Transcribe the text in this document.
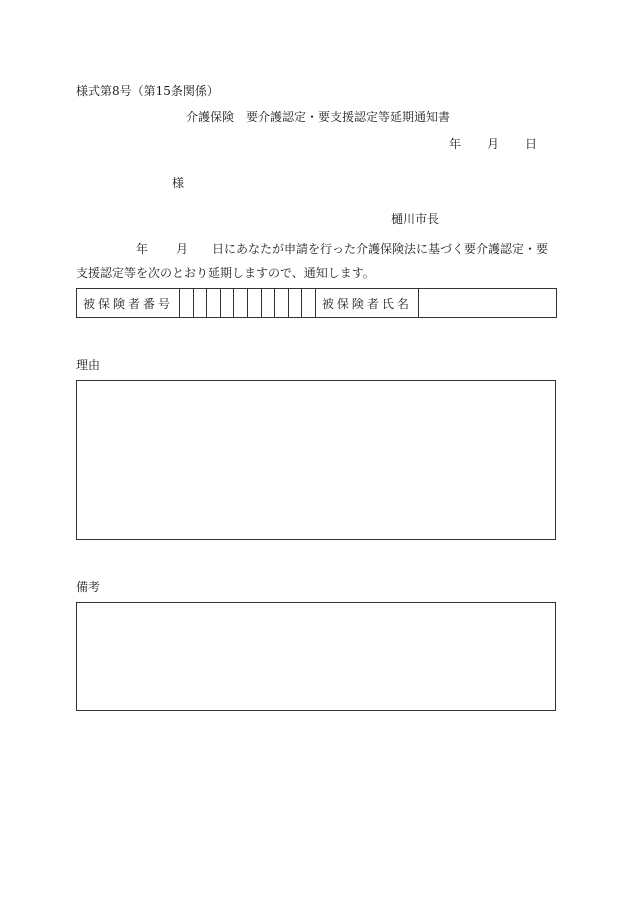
様式第8号（第15条関係）
介護保険　要介護認定・要支援認定等延期通知書
年 月 日
様
樋川市長
年 月 日にあなたが申請を行った介護保険法に基づく要介護認定・要支援認定等を次のとおり延期しますので、通知します。
被保険者番号											被保険者氏名	
理由
備考
